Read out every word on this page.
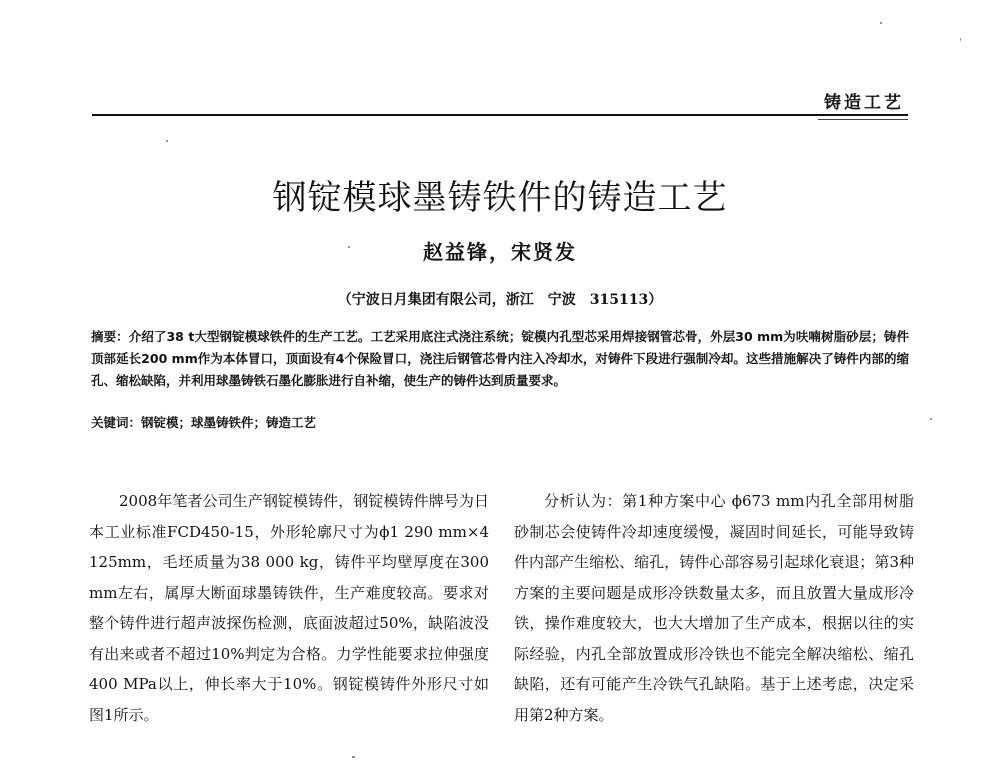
铸造工艺
钢锭模球墨铸铁件的铸造工艺
赵益锋，宋贤发
（宁波日月集团有限公司，浙江　宁波　315113）
摘要：介绍了38 t大型钢锭模球铁件的生产工艺。工艺采用底注式浇注系统；锭模内孔型芯采用焊接钢管芯骨，外层30 mm为呋喃树脂砂层；铸件顶部延长200 mm作为本体冒口，顶面设有4个保险冒口，浇注后钢管芯骨内注入冷却水，对铸件下段进行强制冷却。这些措施解决了铸件内部的缩孔、缩松缺陷，并利用球墨铸铁石墨化膨胀进行自补缩，使生产的铸件达到质量要求。
关键词：钢锭模；球墨铸铁件；铸造工艺

2008年笔者公司生产钢锭模铸件，钢锭模铸件牌号为日本工业标准FCD450-15，外形轮廓尺寸为ϕ1 290 mm×4 125mm，毛坯质量为38 000 kg，铸件平均壁厚度在300 mm左右，属厚大断面球墨铸铁件，生产难度较高。要求对整个铸件进行超声波探伤检测，底面波超过50%，缺陷波没有出来或者不超过10%判定为合格。力学性能要求拉伸强度400 MPa以上，伸长率大于10%。钢锭模铸件外形尺寸如图1所示。

分析认为：第1种方案中心 ϕ673 mm内孔全部用树脂砂制芯会使铸件冷却速度缓慢，凝固时间延长，可能导致铸件内部产生缩松、缩孔，铸件心部容易引起球化衰退；第3种方案的主要问题是成形冷铁数量太多，而且放置大量成形冷铁，操作难度较大，也大大增加了生产成本，根据以往的实际经验，内孔全部放置成形冷铁也不能完全解决缩松、缩孔缺陷，还有可能产生冷铁气孔缺陷。基于上述考虑，决定采用第2种方案。
